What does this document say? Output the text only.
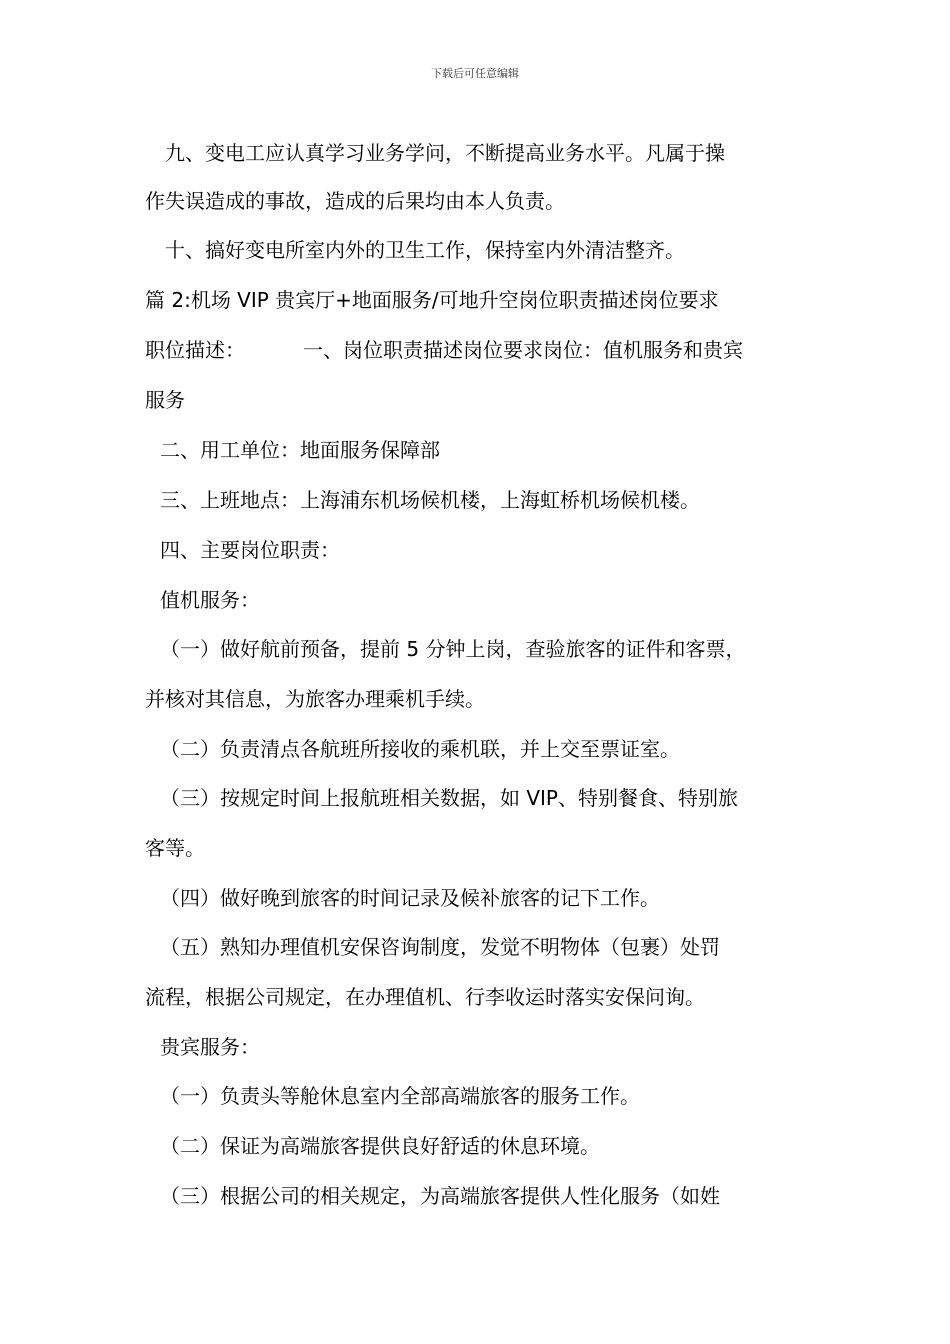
下载后可任意编辑
　九、变电工应认真学习业务学问，不断提高业务水平。凡属于操
作失误造成的事故，造成的后果均由本人负责。
　十、搞好变电所室内外的卫生工作，保持室内外清洁整齐。
篇 2:机场 VIP 贵宾厅+地面服务/可地升空岗位职责描述岗位要求
职位描述：	一、岗位职责描述岗位要求岗位：值机服务和贵宾
服务
二、用工单位：地面服务保障部
三、上班地点：上海浦东机场候机楼，上海虹桥机场候机楼。
四、主要岗位职责：
值机服务：
（一）做好航前预备，提前 5 分钟上岗，查验旅客的证件和客票，
并核对其信息，为旅客办理乘机手续。
（二）负责清点各航班所接收的乘机联，并上交至票证室。
（三）按规定时间上报航班相关数据，如 VIP、特别餐食、特别旅
客等。
（四）做好晚到旅客的时间记录及候补旅客的记下工作。
（五）熟知办理值机安保咨询制度，发觉不明物体（包裹）处罚
流程，根据公司规定，在办理值机、行李收运时落实安保问询。
贵宾服务：
（一）负责头等舱休息室内全部高端旅客的服务工作。
（二）保证为高端旅客提供良好舒适的休息环境。
（三）根据公司的相关规定，为高端旅客提供人性化服务（如姓
